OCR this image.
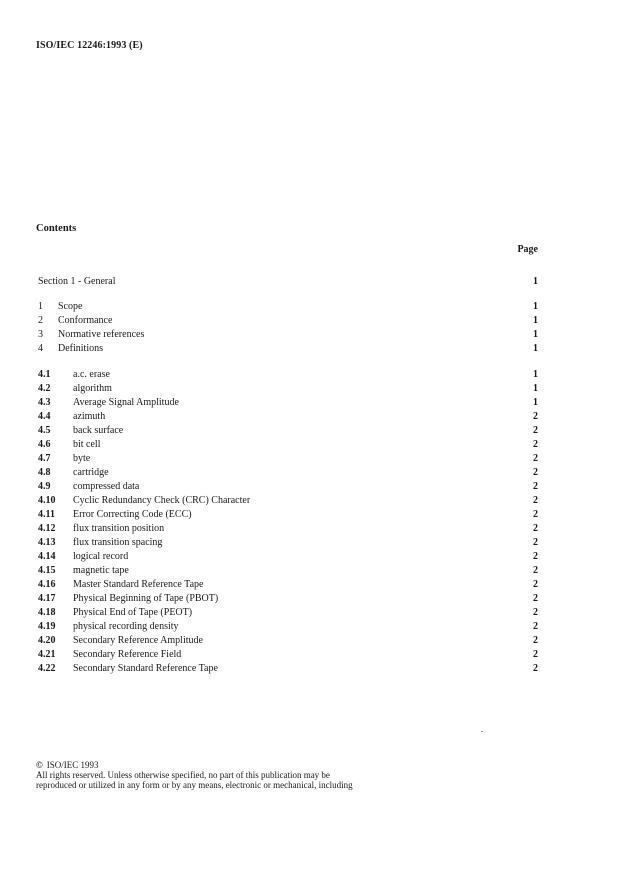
ISO/IEC 12246:1993 (E)
Contents
Page
Section 1 - General	1
1 Scope	1
2 Conformance	1
3 Normative references	1
4 Definitions	1
4.1 a.c. erase	1
4.2 algorithm	1
4.3 Average Signal Amplitude	1
4.4 azimuth	2
4.5 back surface	2
4.6 bit cell	2
4.7 byte	2
4.8 cartridge	2
4.9 compressed data	2
4.10 Cyclic Redundancy Check (CRC) Character	2
4.11 Error Correcting Code (ECC)	2
4.12 flux transition position	2
4.13 flux transition spacing	2
4.14 logical record	2
4.15 magnetic tape	2
4.16 Master Standard Reference Tape	2
4.17 Physical Beginning of Tape (PBOT)	2
4.18 Physical End of Tape (PEOT)	2
4.19 physical recording density	2
4.20 Secondary Reference Amplitude	2
4.21 Secondary Reference Field	2
4.22 Secondary Standard Reference Tape	2
© ISO/IEC 1993
All rights reserved. Unless otherwise specified, no part of this publication may be
reproduced or utilized in any form or by any means, electronic or mechanical, including
